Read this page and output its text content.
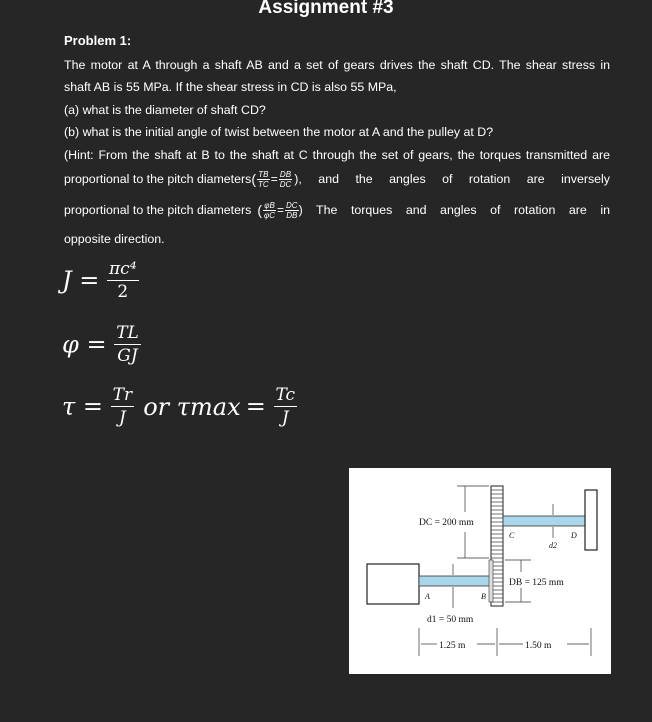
Assignment #3
Problem 1:
The motor at A through a shaft AB and a set of gears drives the shaft CD. The shear stress in
shaft AB is 55 MPa. If the shear stress in CD is also 55 MPa,
(a) what is the diameter of shaft CD?
(b) what is the initial angle of twist between the motor at A and the pulley at D?
(Hint: From the shaft at B to the shaft at C through the set of gears, the torques transmitted are
proportional to the pitch diameters ( $\frac{TB}{TC} = \frac{DB}{DC}$ ), and the angles of rotation are inversely
proportional to the pitch diameters ( $\frac{\varphi B}{\varphi C} = \frac{DC}{DB}$ ) The torques and angles of rotation are in
opposite direction.
$J = \frac{\text{πc⁴}}{2}$
$\varphi = \frac{TL}{GJ}$
$\tau = \frac{Tr}{J}$ or $\tau\max = \frac{Tc}{J}$
DC = 200 mm
DB = 125 mm
d2
d1 = 50 mm
A	B
C	D
1.25 m	1.50 m
